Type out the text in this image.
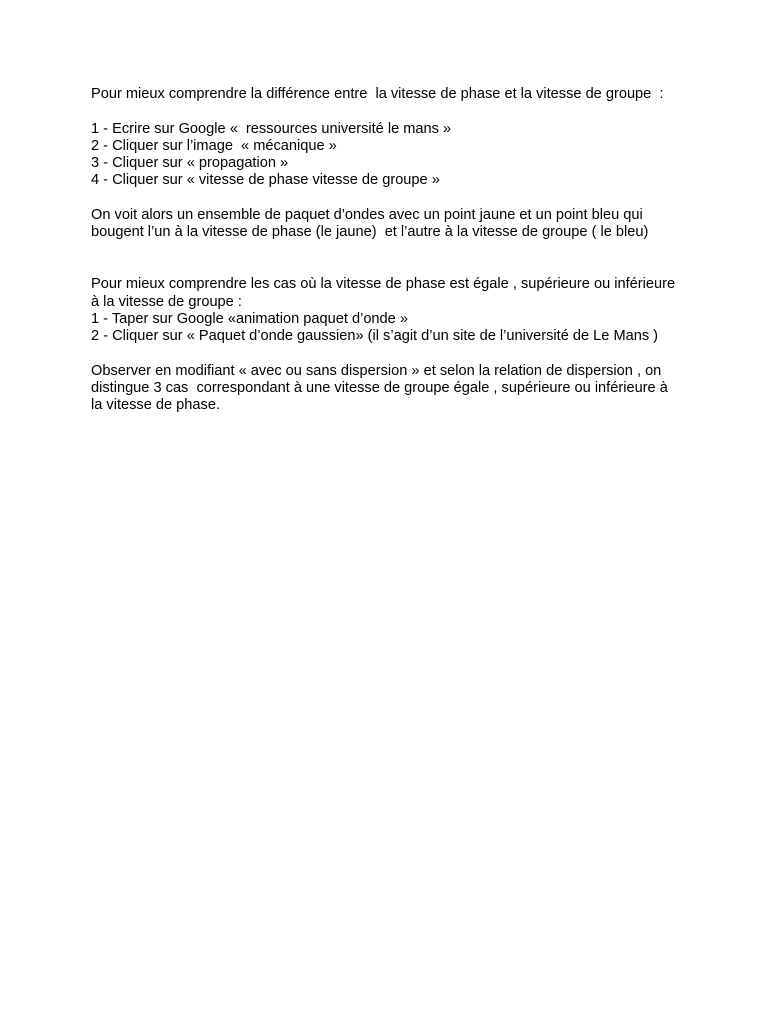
Pour mieux comprendre la différence entre  la vitesse de phase et la vitesse de groupe  :
1 - Ecrire sur Google «  ressources université le mans »
2 - Cliquer sur l’image  « mécanique »
3 - Cliquer sur « propagation »
4 - Cliquer sur « vitesse de phase vitesse de groupe »
On voit alors un ensemble de paquet d’ondes avec un point jaune et un point bleu qui
bougent l’un à la vitesse de phase (le jaune)  et l’autre à la vitesse de groupe ( le bleu)
Pour mieux comprendre les cas où la vitesse de phase est égale , supérieure ou inférieure
à la vitesse de groupe :
1 - Taper sur Google «animation paquet d’onde »
2 - Cliquer sur « Paquet d’onde gaussien» (il s’agit d’un site de l’université de Le Mans )
Observer en modifiant « avec ou sans dispersion » et selon la relation de dispersion , on
distingue 3 cas  correspondant à une vitesse de groupe égale , supérieure ou inférieure à
la vitesse de phase.
